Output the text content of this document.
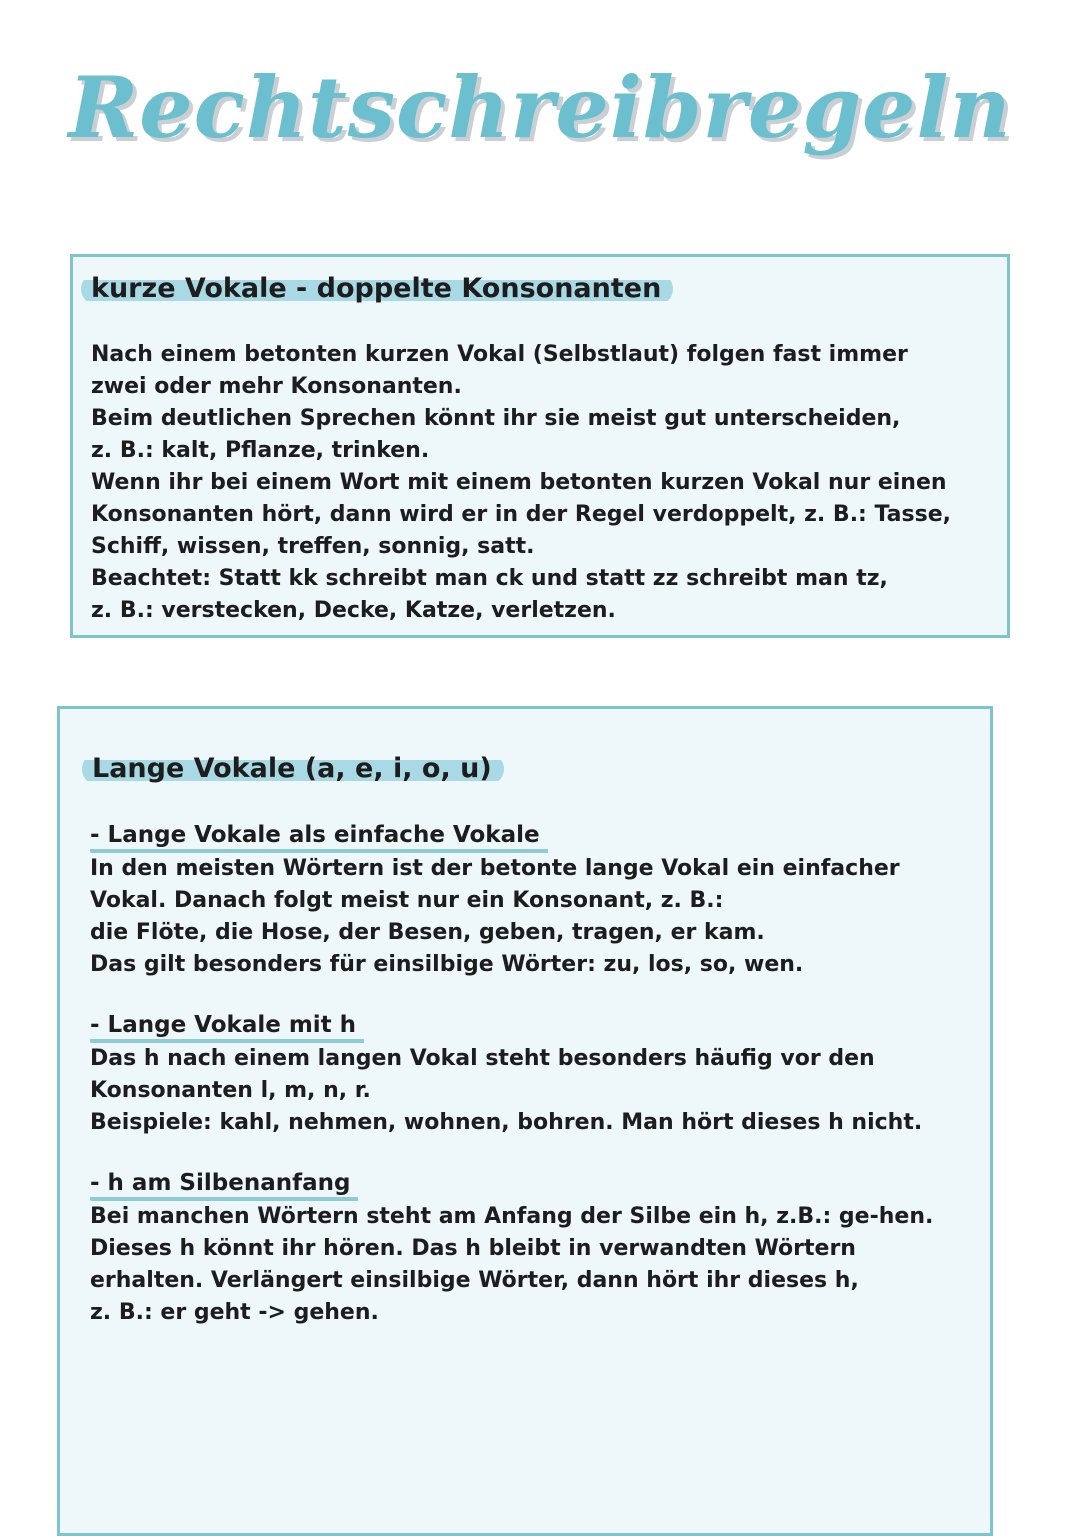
Rechtschreibregeln
kurze Vokale - doppelte Konsonanten
Nach einem betonten kurzen Vokal (Selbstlaut) folgen fast immer
zwei oder mehr Konsonanten.
Beim deutlichen Sprechen könnt ihr sie meist gut unterscheiden,
z. B.: kalt, Pflanze, trinken.
Wenn ihr bei einem Wort mit einem betonten kurzen Vokal nur einen
Konsonanten hört, dann wird er in der Regel verdoppelt, z. B.: Tasse,
Schiff, wissen, treffen, sonnig, satt.
Beachtet: Statt kk schreibt man ck und statt zz schreibt man tz,
z. B.: verstecken, Decke, Katze, verletzen.
Lange Vokale (a, e, i, o, u)
- Lange Vokale als einfache Vokale
In den meisten Wörtern ist der betonte lange Vokal ein einfacher
Vokal. Danach folgt meist nur ein Konsonant, z. B.:
die Flöte, die Hose, der Besen, geben, tragen, er kam.
Das gilt besonders für einsilbige Wörter: zu, los, so, wen.
- Lange Vokale mit h
Das h nach einem langen Vokal steht besonders häufig vor den
Konsonanten l, m, n, r.
Beispiele: kahl, nehmen, wohnen, bohren. Man hört dieses h nicht.
- h am Silbenanfang
Bei manchen Wörtern steht am Anfang der Silbe ein h, z.B.: ge-hen.
Dieses h könnt ihr hören. Das h bleibt in verwandten Wörtern
erhalten. Verlängert einsilbige Wörter, dann hört ihr dieses h,
z. B.: er geht -> gehen.
